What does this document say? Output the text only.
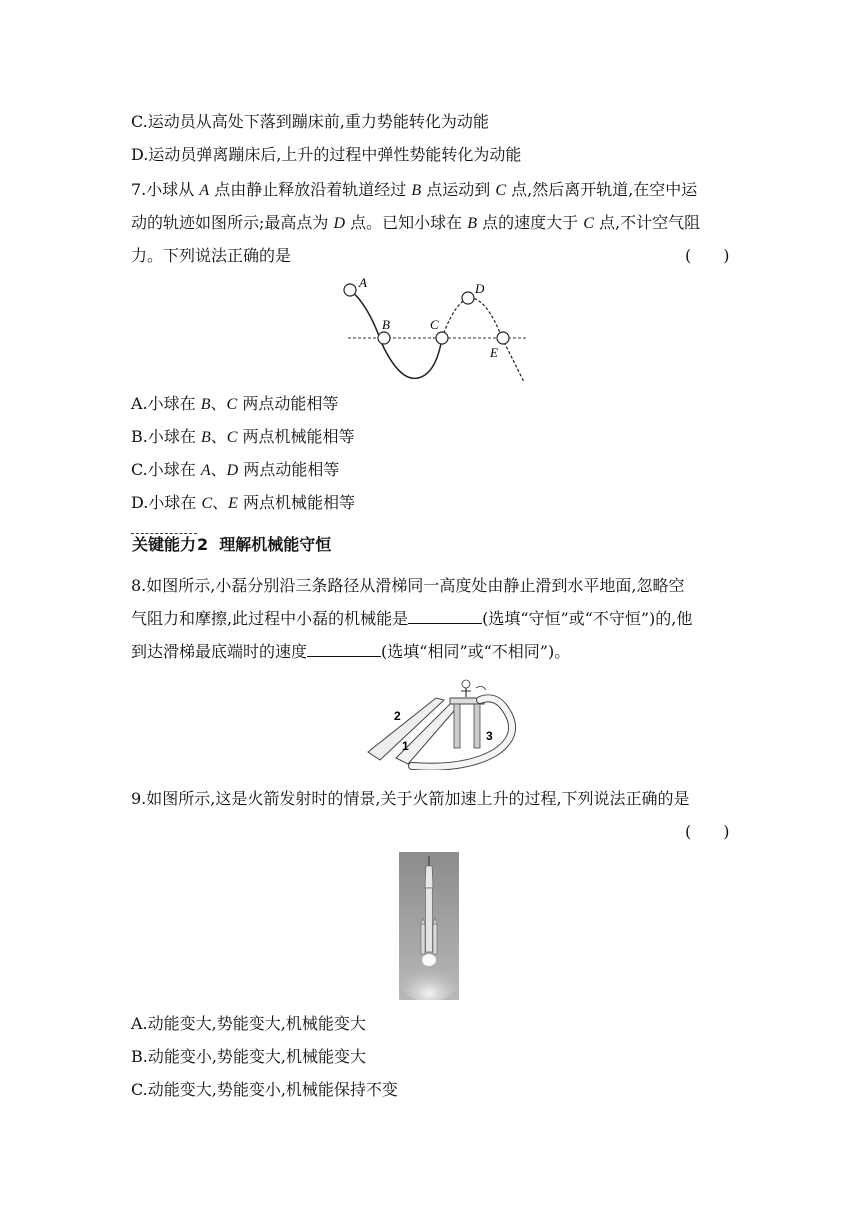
C.运动员从高处下落到蹦床前,重力势能转化为动能
D.运动员弹离蹦床后,上升的过程中弹性势能转化为动能
7.小球从 A 点由静止释放沿着轨道经过 B 点运动到 C 点,然后离开轨道,在空中运
动的轨迹如图所示;最高点为 D 点。已知小球在 B 点的速度大于 C 点,不计空气阻
力。下列说法正确的是	(　　)
A
B	C
D
E
A.小球在 B、C 两点动能相等
B.小球在 B、C 两点机械能相等
C.小球在 A、D 两点动能相等
D.小球在 C、E 两点机械能相等
关键能力2 理解机械能守恒
8.如图所示,小磊分别沿三条路径从滑梯同一高度处由静止滑到水平地面,忽略空
气阻力和摩擦,此过程中小磊的机械能是	(选填“守恒”或“不守恒”)的,他
到达滑梯最底端时的速度	(选填“相同”或“不相同”)。
2
1
3
9.如图所示,这是火箭发射时的情景,关于火箭加速上升的过程,下列说法正确的是
(　　)
A.动能变大,势能变大,机械能变大
B.动能变小,势能变大,机械能变大
C.动能变大,势能变小,机械能保持不变
